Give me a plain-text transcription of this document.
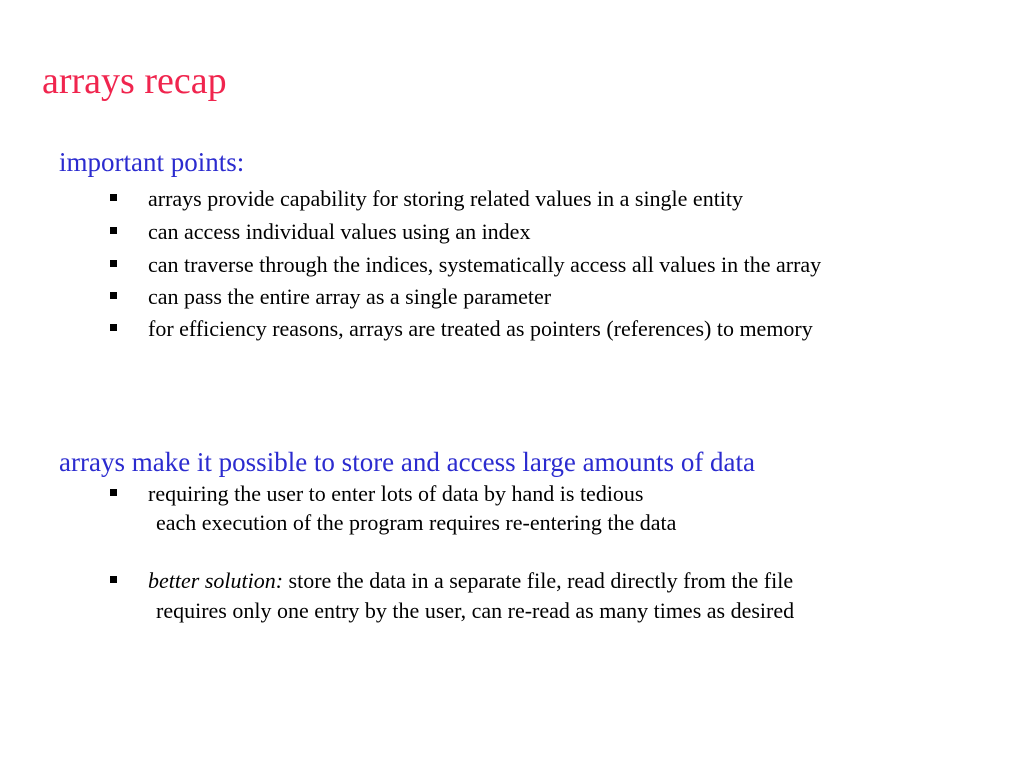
arrays recap
important points:
arrays provide capability for storing related values in a single entity
can access individual values using an index
can traverse through the indices, systematically access all values in the array
can pass the entire array as a single parameter
for efficiency reasons, arrays are treated as pointers (references) to memory
arrays make it possible to store and access large amounts of data
requiring the user to enter lots of data by hand is tedious
each execution of the program requires re-entering the data
better solution: store the data in a separate file, read directly from the file
requires only one entry by the user, can re-read as many times as desired
